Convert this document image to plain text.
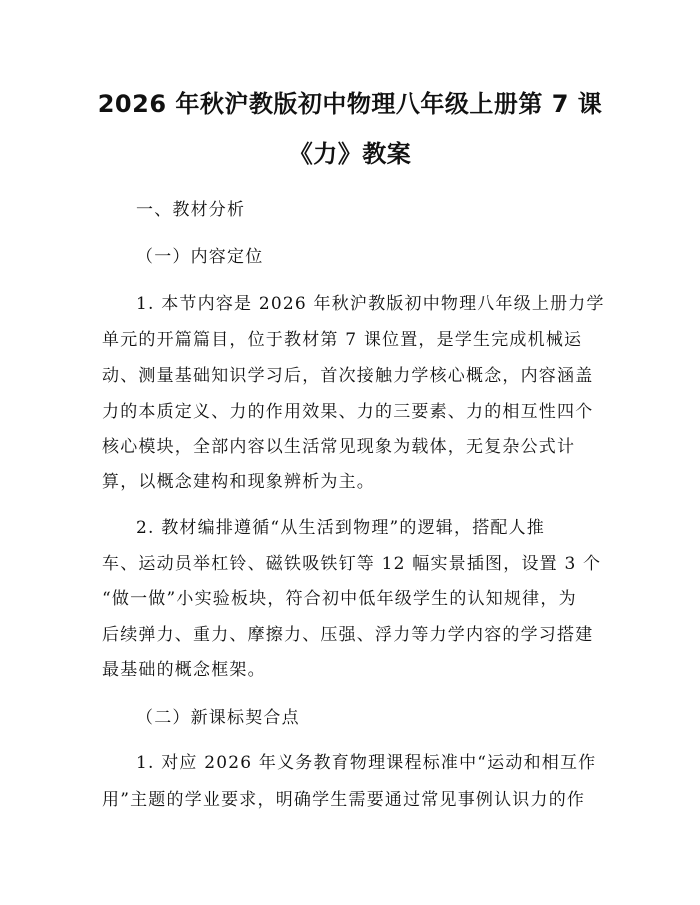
2026 年秋沪教版初中物理八年级上册第 7 课
《力》教案
一、教材分析
（一）内容定位
1. 本节内容是 2026 年秋沪教版初中物理八年级上册力学
单元的开篇篇目，位于教材第 7 课位置，是学生完成机械运
动、测量基础知识学习后，首次接触力学核心概念，内容涵盖
力的本质定义、力的作用效果、力的三要素、力的相互性四个
核心模块，全部内容以生活常见现象为载体，无复杂公式计
算，以概念建构和现象辨析为主。
2. 教材编排遵循“从生活到物理”的逻辑，搭配人推
车、运动员举杠铃、磁铁吸铁钉等 12 幅实景插图，设置 3 个
“做一做”小实验板块，符合初中低年级学生的认知规律，为
后续弹力、重力、摩擦力、压强、浮力等力学内容的学习搭建
最基础的概念框架。
（二）新课标契合点
1. 对应 2026 年义务教育物理课程标准中“运动和相互作
用”主题的学业要求，明确学生需要通过常见事例认识力的作
